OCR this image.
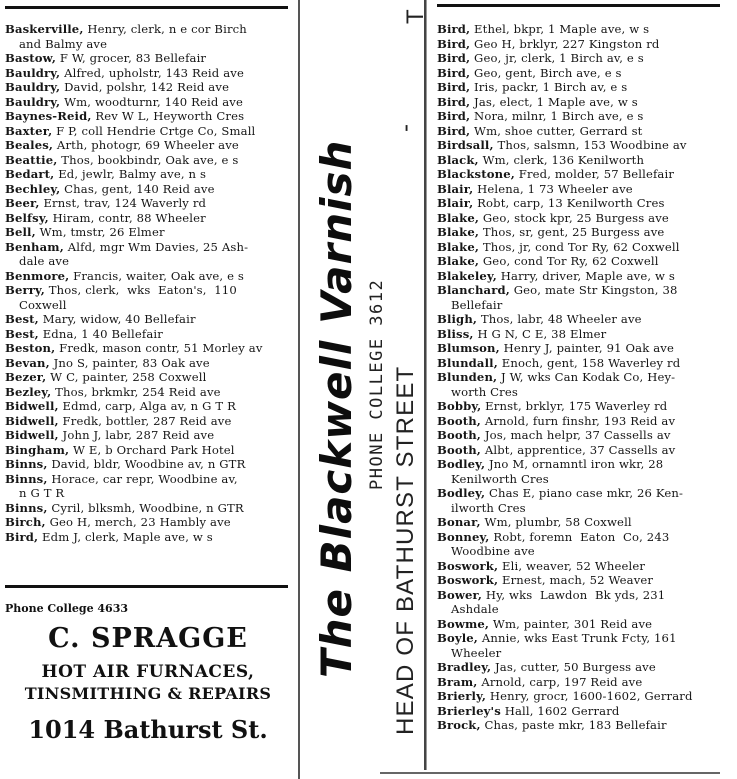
Baskerville, Henry, clerk, n e cor Birch
and Balmy ave
Bastow, F W, grocer, 83 Bellefair
Bauldry, Alfred, upholstr, 143 Reid ave
Bauldry, David, polshr, 142 Reid ave
Bauldry, Wm, woodturnr, 140 Reid ave
Baynes-Reid, Rev W L, Heyworth Cres
Baxter, F P, coll Hendrie Crtge Co, Small
Beales, Arth, photogr, 69 Wheeler ave
Beattie, Thos, bookbindr, Oak ave, e s
Bedart, Ed, jewlr, Balmy ave, n s
Bechley, Chas, gent, 140 Reid ave
Beer, Ernst, trav, 124 Waverly rd
Belfsy, Hiram, contr, 88 Wheeler
Bell, Wm, tmstr, 26 Elmer
Benham, Alfd, mgr Wm Davies, 25 Ash-
dale ave
Benmore, Francis, waiter, Oak ave, e s
Berry, Thos, clerk,  wks  Eaton's,  110
Coxwell
Best, Mary, widow, 40 Bellefair
Best, Edna, 1 40 Bellefair
Beston, Fredk, mason contr, 51 Morley av
Bevan, Jno S, painter, 83 Oak ave
Bezer, W C, painter, 258 Coxwell
Bezley, Thos, brkmkr, 254 Reid ave
Bidwell, Edmd, carp, Alga av, n G T R
Bidwell, Fredk, bottler, 287 Reid ave
Bidwell, John J, labr, 287 Reid ave
Bingham, W E, b Orchard Park Hotel
Binns, David, bldr, Woodbine av, n GTR
Binns, Horace, car repr, Woodbine av,
n G T R
Binns, Cyril, blksmh, Woodbine, n GTR
Birch, Geo H, merch, 23 Hambly ave
Bird, Edm J, clerk, Maple ave, w s
Phone College 4633
C. SPRAGGE
HOT AIR FURNACES,
TINSMITHING & REPAIRS
1014 Bathurst St.
The Blackwell Varnish PHONE COLLEGE 3612 HEAD OF BATHURST STREET
-
T
Bird, Ethel, bkpr, 1 Maple ave, w s
Bird, Geo H, brklyr, 227 Kingston rd
Bird, Geo, jr, clerk, 1 Birch av, e s
Bird, Geo, gent, Birch ave, e s
Bird, Iris, packr, 1 Birch av, e s
Bird, Jas, elect, 1 Maple ave, w s
Bird, Nora, milnr, 1 Birch ave, e s
Bird, Wm, shoe cutter, Gerrard st
Birdsall, Thos, salsmn, 153 Woodbine av
Black, Wm, clerk, 136 Kenilworth
Blackstone, Fred, molder, 57 Bellefair
Blair, Helena, 1 73 Wheeler ave
Blair, Robt, carp, 13 Kenilworth Cres
Blake, Geo, stock kpr, 25 Burgess ave
Blake, Thos, sr, gent, 25 Burgess ave
Blake, Thos, jr, cond Tor Ry, 62 Coxwell
Blake, Geo, cond Tor Ry, 62 Coxwell
Blakeley, Harry, driver, Maple ave, w s
Blanchard, Geo, mate Str Kingston, 38
Bellefair
Bligh, Thos, labr, 48 Wheeler ave
Bliss, H G N, C E, 38 Elmer
Blumson, Henry J, painter, 91 Oak ave
Blundall, Enoch, gent, 158 Waverley rd
Blunden, J W, wks Can Kodak Co, Hey-
worth Cres
Bobby, Ernst, brklyr, 175 Waverley rd
Booth, Arnold, furn finshr, 193 Reid av
Booth, Jos, mach helpr, 37 Cassells av
Booth, Albt, apprentice, 37 Cassells av
Bodley, Jno M, ornamntl iron wkr, 28
Kenilworth Cres
Bodley, Chas E, piano case mkr, 26 Ken-
ilworth Cres
Bonar, Wm, plumbr, 58 Coxwell
Bonney, Robt, foremn  Eaton  Co, 243
Woodbine ave
Boswork, Eli, weaver, 52 Wheeler
Boswork, Ernest, mach, 52 Weaver
Bower, Hy, wks  Lawdon  Bk yds, 231
Ashdale
Bowme, Wm, painter, 301 Reid ave
Boyle, Annie, wks East Trunk Fcty, 161
Wheeler
Bradley, Jas, cutter, 50 Burgess ave
Bram, Arnold, carp, 197 Reid ave
Brierly, Henry, grocr, 1600-1602, Gerrard
Brierley's Hall, 1602 Gerrard
Brock, Chas, paste mkr, 183 Bellefair
